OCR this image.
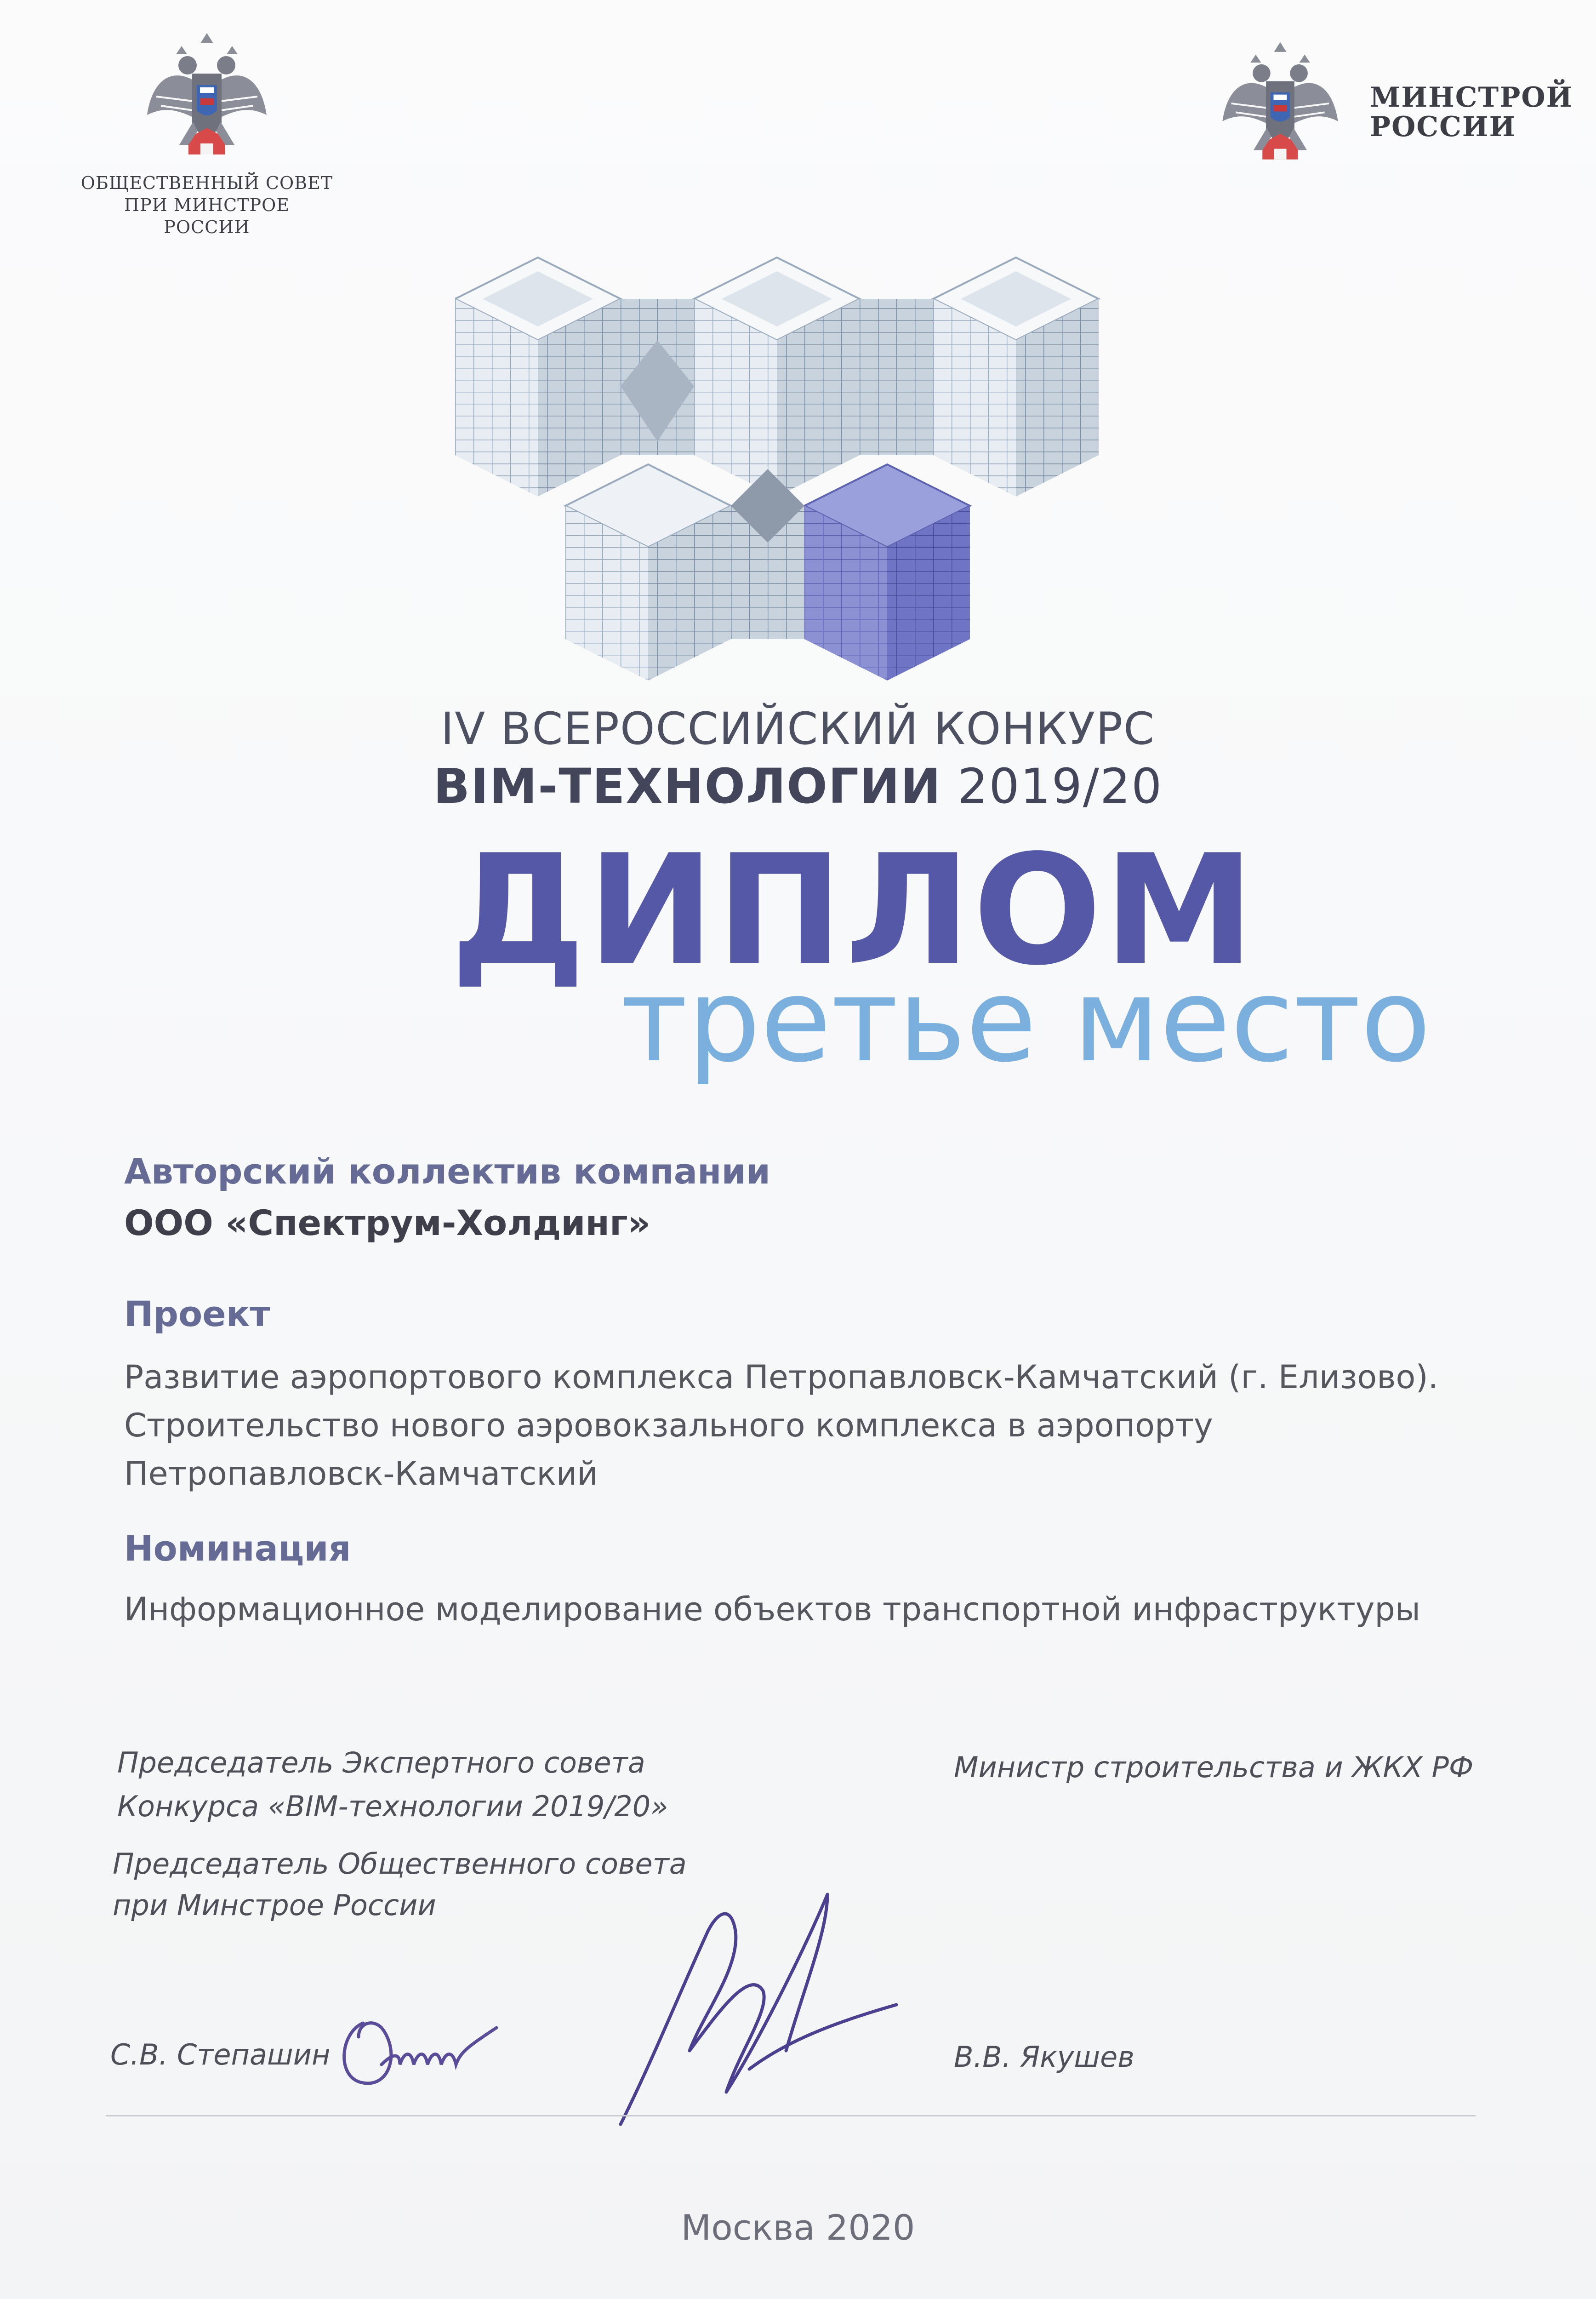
ОБЩЕСТВЕННЫЙ СОВЕТ
ПРИ МИНСТРОЕ
РОССИИ
МИНСТРОЙ
РОССИИ
IV ВСЕРОССИЙСКИЙ КОНКУРС
BIM-ТЕХНОЛОГИИ 2019/20
ДИПЛОМ
третье место
Авторский коллектив компании
ООО «Спектрум-Холдинг»
Проект
Развитие аэропортового комплекса Петропавловск-Камчатский (г. Елизово).
Строительство нового аэровокзального комплекса в аэропорту
Петропавловск-Камчатский
Номинация
Информационное моделирование объектов транспортной инфраструктуры
Председатель Экспертного совета
Конкурса «BIM-технологии 2019/20»
Председатель Общественного совета
при Минстрое России
Министр строительства и ЖКХ РФ
С.В. Степашин	В.В. Якушев
Москва 2020
